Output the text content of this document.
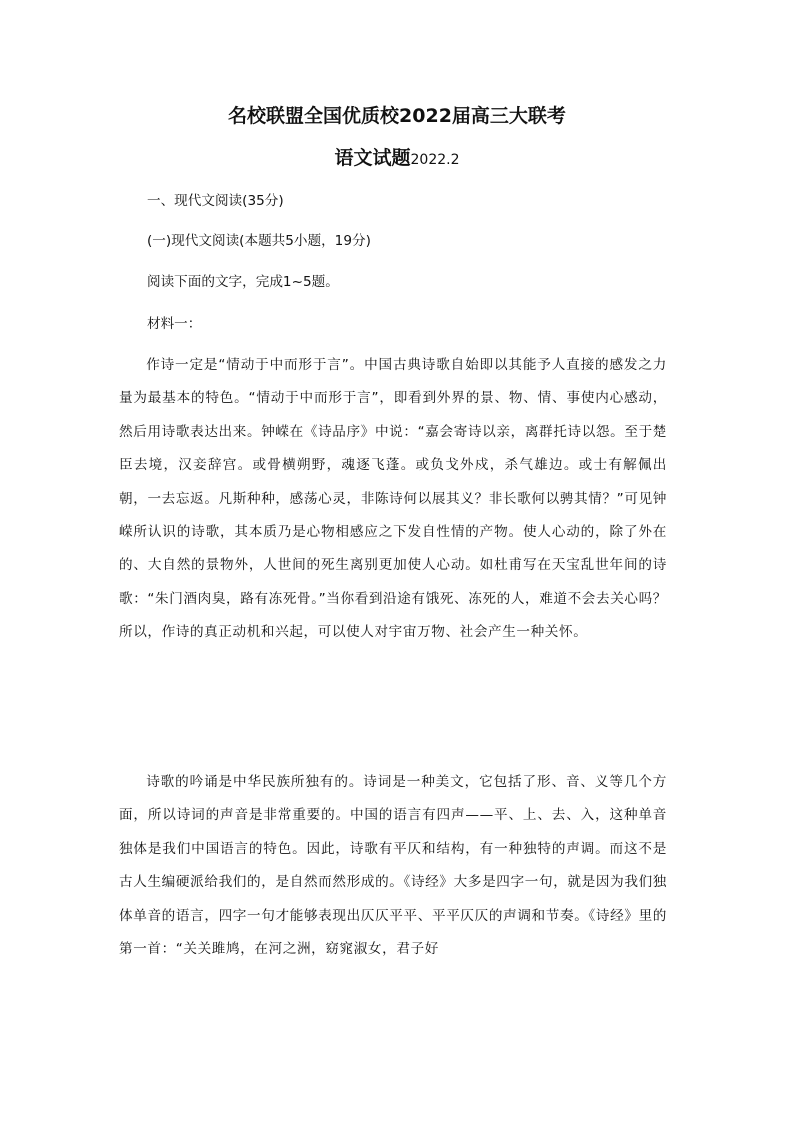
名校联盟全国优质校2022届高三大联考
语文试题2022.2
一、现代文阅读(35分)
(一)现代文阅读(本题共5小题，19分)
阅读下面的文字，完成1~5题。
材料一：

作诗一定是“情动于中而形于言”。中国古典诗歌自始即以其能予人直接的感发之力量为最基本的特色。“情动于中而形于言”，即看到外界的景、物、情、事使内心感动，然后用诗歌表达出来。钟嵘在《诗品序》中说：“嘉会寄诗以亲，离群托诗以怨。至于楚臣去境，汉妾辞宫。或骨横朔野，魂逐飞蓬。或负戈外戍，杀气雄边。或士有解佩出朝，一去忘返。凡斯种种，感荡心灵，非陈诗何以展其义？非长歌何以骋其情？”可见钟嵘所认识的诗歌，其本质乃是心物相感应之下发自性情的产物。使人心动的，除了外在的、大自然的景物外，人世间的死生离别更加使人心动。如杜甫写在天宝乱世年间的诗歌：“朱门酒肉臭，路有冻死骨。”当你看到沿途有饿死、冻死的人，难道不会去关心吗？所以，作诗的真正动机和兴起，可以使人对宇宙万物、社会产生一种关怀。

诗歌的吟诵是中华民族所独有的。诗词是一种美文，它包括了形、音、义等几个方面，所以诗词的声音是非常重要的。中国的语言有四声——平、上、去、入，这种单音独体是我们中国语言的特色。因此，诗歌有平仄和结构，有一种独特的声调。而这不是古人生编硬派给我们的，是自然而然形成的。《诗经》大多是四字一句，就是因为我们独体单音的语言，四字一句才能够表现出仄仄平平、平平仄仄的声调和节奏。《诗经》里的第一首：“关关雎鸠，在河之洲，窈窕淑女，君子好
